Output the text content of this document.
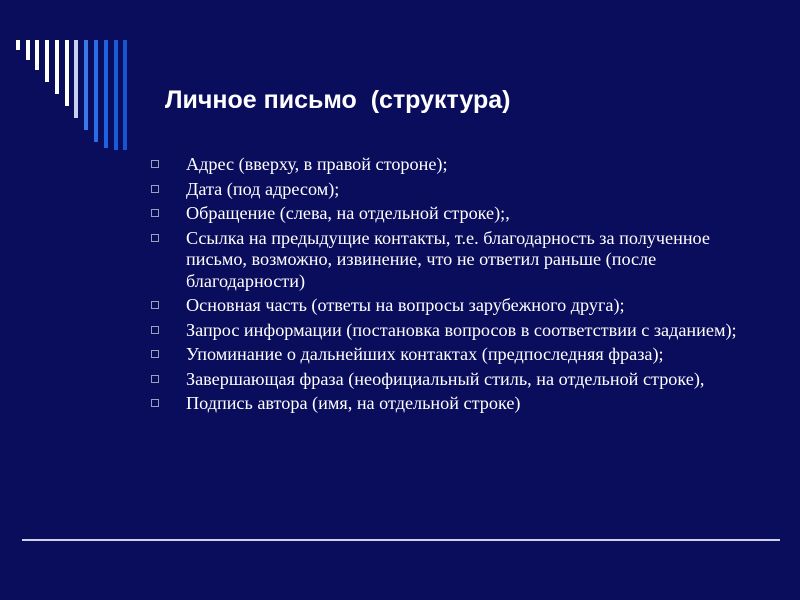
Личное письмо  (структура)
Адрес (вверху, в правой стороне);
Дата (под адресом);
Обращение (слева, на отдельной строке);,
Ссылка на предыдущие контакты, т.е. благодарность за полученное письмо, возможно, извинение, что не ответил раньше (после благодарности)
Основная часть (ответы на вопросы зарубежного друга);
Запрос информации (постановка вопросов в соответствии с заданием);
Упоминание о дальнейших контактах (предпоследняя фраза);
Завершающая фраза (неофициальный стиль, на отдельной строке),
Подпись автора (имя, на отдельной строке)
